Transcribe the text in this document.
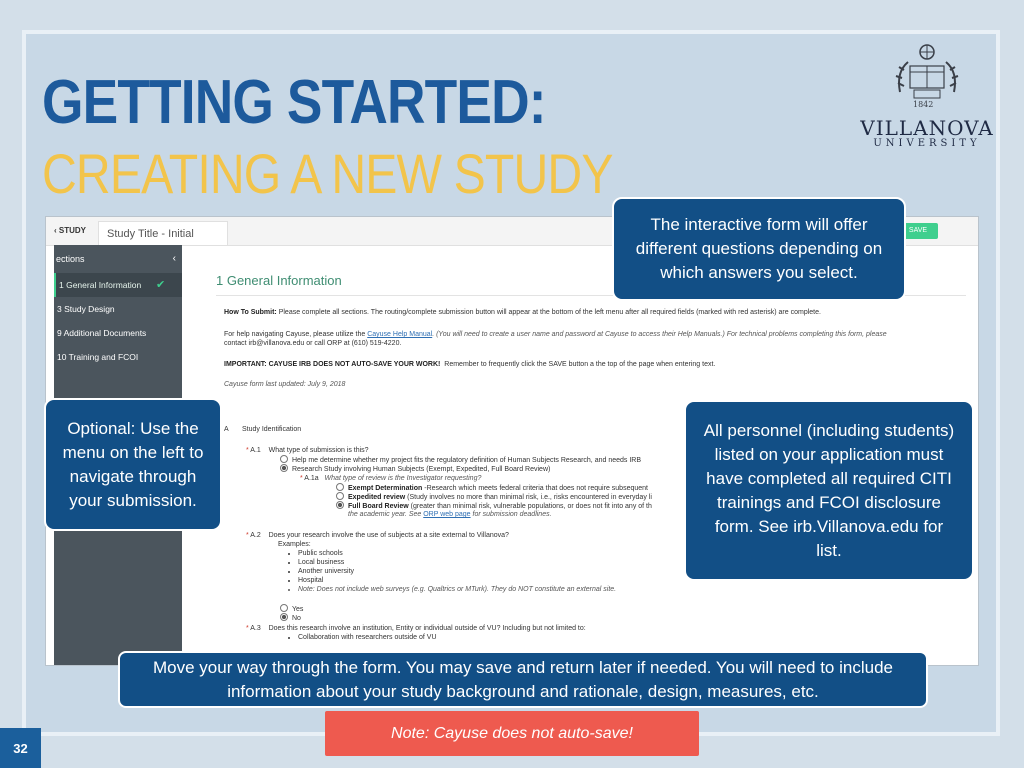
GETTING STARTED:
CREATING A NEW STUDY
1842
VILLANOVA
UNIVERSITY
‹ STUDY	Study Title - Initial	SAVE
ections	‹
1 General Information ✔
3 Study Design
9 Additional Documents
10 Training and FCOI
1 General Information
How To Submit: Please complete all sections. The routing/complete submission button will appear at the bottom of the left menu after all required fields (marked with red asterisk) are complete.
For help navigating Cayuse, please utilize the Cayuse Help Manual. (You will need to create a user name and password at Cayuse to access their Help Manuals.) For technical problems completing this form, please
contact irb@villanova.edu or call ORP at (610) 519-4220.
IMPORTANT: CAYUSE IRB DOES NOT AUTO-SAVE YOUR WORK! Remember to frequently click the SAVE button a the top of the page when entering text.
Cayuse form last updated: July 9, 2018
A Study Identification
* A.1 What type of submission is this?
Help me determine whether my project fits the regulatory definition of Human Subjects Research, and needs IRB
Research Study involving Human Subjects (Exempt, Expedited, Full Board Review)
* A.1a What type of review is the Investigator requesting?
Exempt Determination -Research which meets federal criteria that does not require subsequent
Expedited review (Study involves no more than minimal risk, i.e., risks encountered in everyday li
Full Board Review (greater than minimal risk, vulnerable populations, or does not fit into any of th
the academic year. See ORP web page for submission deadlines.
* A.2 Does your research involve the use of subjects at a site external to Villanova?
Examples:
• Public schools
• Local business
• Another university
• Hospital
• Note: Does not include web surveys (e.g. Qualtrics or MTurk). They do NOT constitute an external site.
Yes
No
* A.3 Does this research involve an institution, Entity or individual outside of VU? Including but not limited to:
• Collaboration with researchers outside of VU
The interactive form will offer different questions depending on which answers you select.
Optional: Use the menu on the left to navigate through your submission.
All personnel (including students) listed on your application must have completed all required CITI trainings and FCOI disclosure form. See irb.Villanova.edu for list.
Move your way through the form. You may save and return later if needed. You will need to include information about your study background and rationale, design, measures, etc.
Note: Cayuse does not auto-save!
32
